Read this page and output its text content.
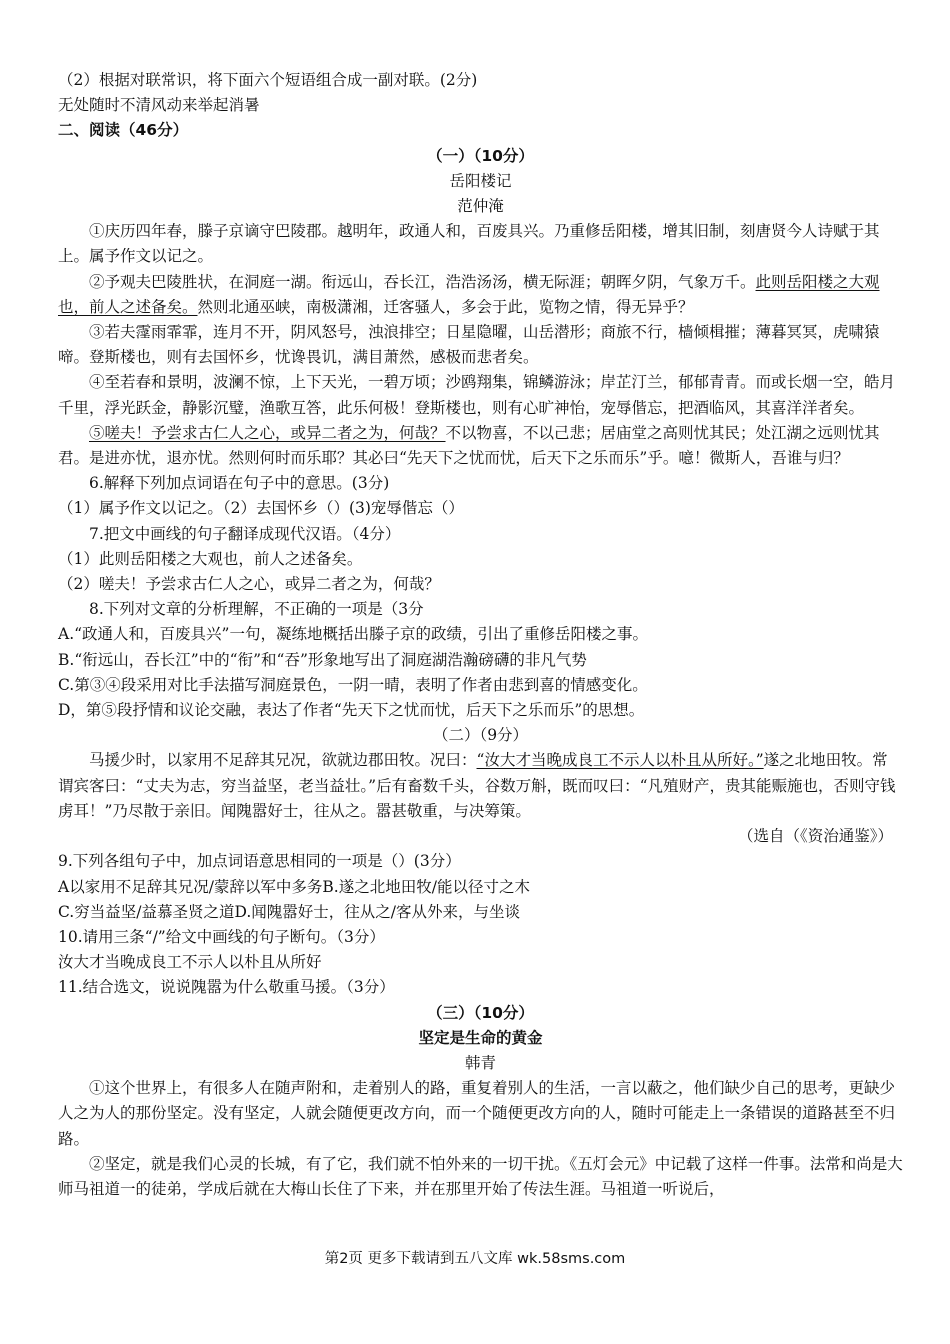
（2）根据对联常识，将下面六个短语组合成一副对联。(2分)

无处随时不清风动来举起消暑

二、阅读（46分）

（一）（10分）

岳阳楼记

范仲淹

①庆历四年春，滕子京谪守巴陵郡。越明年，政通人和，百废具兴。乃重修岳阳楼，增其旧制，刻唐贤今人诗赋于其上。属予作文以记之。

②予观夫巴陵胜状，在洞庭一湖。衔远山，吞长江，浩浩汤汤，横无际涯；朝晖夕阴，气象万千。此则岳阳楼之大观也，前人之述备矣。然则北通巫峡，南极潇湘，迁客骚人，多会于此，览物之情，得无异乎？

③若夫霪雨霏霏，连月不开，阴风怒号，浊浪排空；日星隐曜，山岳潜形；商旅不行，樯倾楫摧；薄暮冥冥，虎啸猿啼。登斯楼也，则有去国怀乡，忧谗畏讥，满目萧然，感极而悲者矣。

④至若春和景明，波澜不惊，上下天光，一碧万顷；沙鸥翔集，锦鳞游泳；岸芷汀兰，郁郁青青。而或长烟一空，皓月千里，浮光跃金，静影沉璧，渔歌互答，此乐何极！登斯楼也，则有心旷神怡，宠辱偕忘，把酒临风，其喜洋洋者矣。

⑤嗟夫！予尝求古仁人之心，或异二者之为，何哉？不以物喜，不以己悲；居庙堂之高则忧其民；处江湖之远则忧其君。是进亦忧，退亦忧。然则何时而乐耶？其必曰“先天下之忧而忧，后天下之乐而乐”乎。噫！微斯人，吾谁与归？

6.解释下列加点词语在句子中的意思。(3分)

（1）属予作文以记之。（2）去国怀乡（）(3)宠辱偕忘（）

7.把文中画线的句子翻译成现代汉语。（4分）

（1）此则岳阳楼之大观也，前人之述备矣。

（2）嗟夫！予尝求古仁人之心，或异二者之为，何哉？

8.下列对文章的分析理解，不正确的一项是（3分

A.“政通人和，百废具兴”一句，凝练地概括出滕子京的政绩，引出了重修岳阳楼之事。

B.“衔远山，吞长江”中的“衔”和“吞”形象地写出了洞庭湖浩瀚磅礴的非凡气势

C.第③④段采用对比手法描写洞庭景色，一阴一晴，表明了作者由悲到喜的情感变化。

D，第⑤段抒情和议论交融，表达了作者“先天下之忧而忧，后天下之乐而乐”的思想。

（二）（9分）

马援少时，以家用不足辞其兄况，欲就边郡田牧。况曰：“汝大才当晚成良工不示人以朴且从所好。”遂之北地田牧。常谓宾客曰：“丈夫为志，穷当益坚，老当益壮。”后有畜数千头，谷数万斛，既而叹曰：“凡殖财产，贵其能赈施也，否则守钱虏耳！”乃尽散于亲旧。闻隗嚣好士，往从之。嚣甚敬重，与决筹策。

（选自（《资治通鉴》）

9.下列各组句子中，加点词语意思相同的一项是（）(3分）

A以家用不足辞其兄况/蒙辞以军中多务B.遂之北地田牧/能以径寸之木

C.穷当益坚/益慕圣贤之道D.闻隗嚣好士，往从之/客从外来，与坐谈

10.请用三条“/”给文中画线的句子断句。（3分）

汝大才当晚成良工不示人以朴且从所好

11.结合选文，说说隗嚣为什么敬重马援。（3分）

（三）（10分）

坚定是生命的黄金

韩青

①这个世界上，有很多人在随声附和，走着别人的路，重复着别人的生活，一言以蔽之，他们缺少自己的思考，更缺少人之为人的那份坚定。没有坚定，人就会随便更改方向，而一个随便更改方向的人，随时可能走上一条错误的道路甚至不归路。

②坚定，就是我们心灵的长城，有了它，我们就不怕外来的一切干扰。《五灯会元》中记载了这样一件事。法常和尚是大师马祖道一的徒弟，学成后就在大梅山长住了下来，并在那里开始了传法生涯。马祖道一听说后，

第2页 更多下载请到五八文库 wk.58sms.com
